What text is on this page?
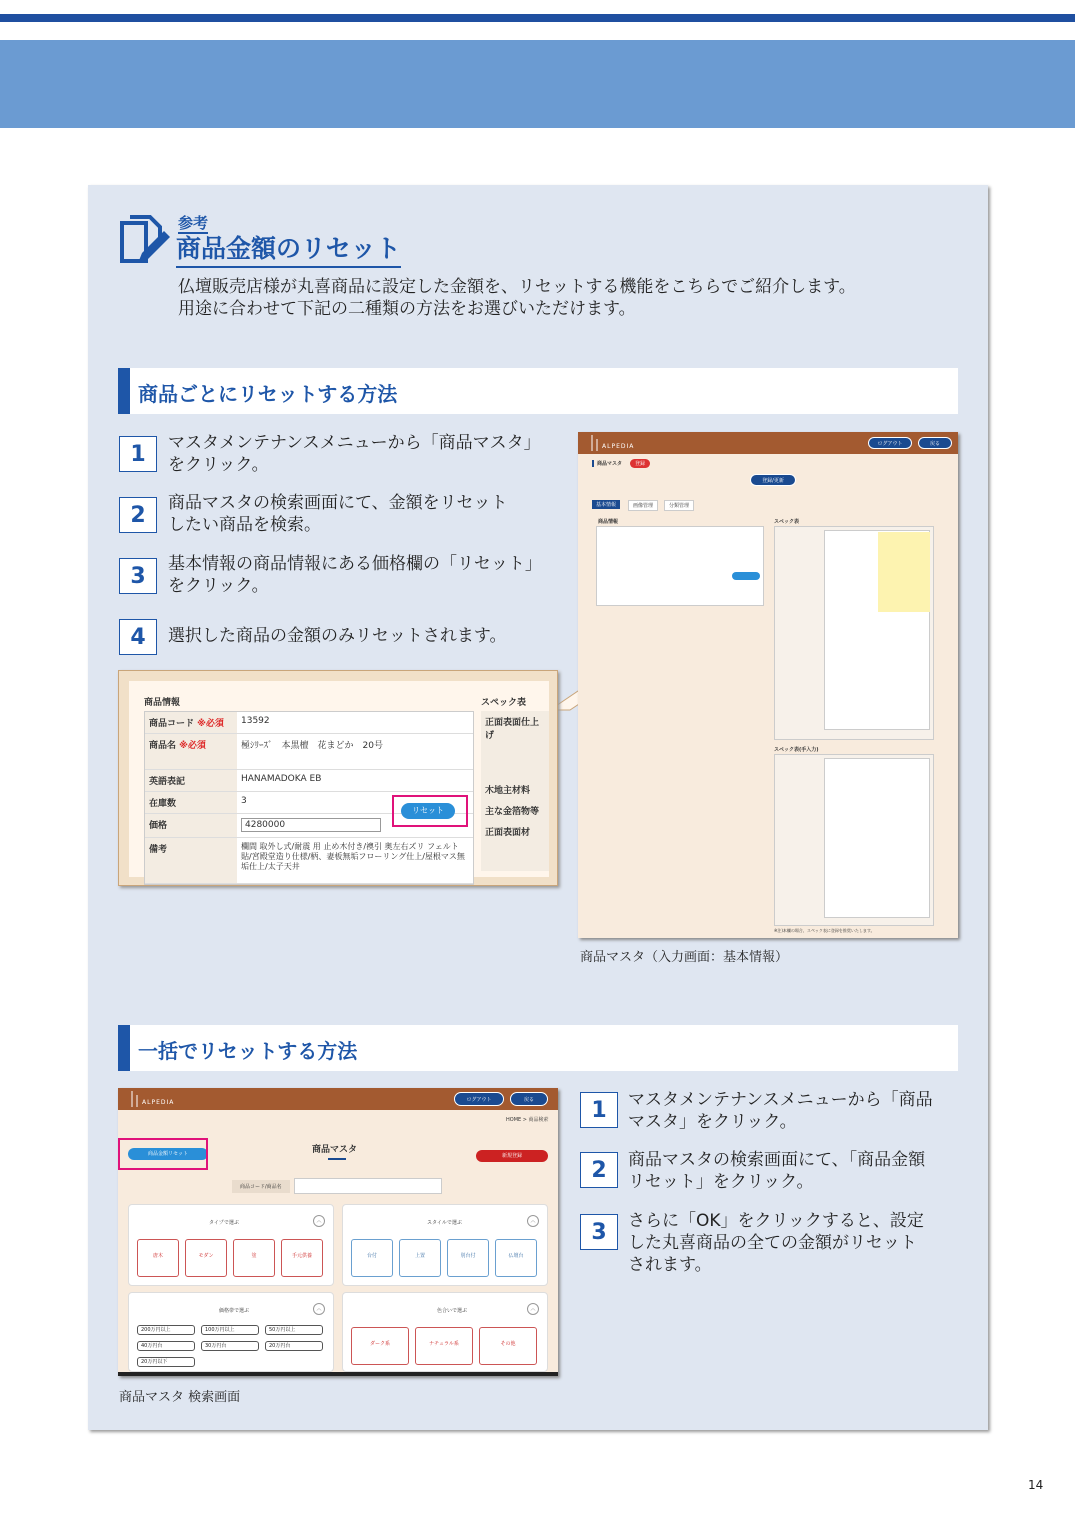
参考
商品金額のリセット
仏壇販売店様が丸喜商品に設定した金額を、リセットする機能をこちらでご紹介します。
用途に合わせて下記の二種類の方法をお選びいただけます。
商品ごとにリセットする方法
1	マスタメンテナンスメニューから「商品マスタ」
をクリック。
2	商品マスタの検索画面にて、金額をリセット
したい商品を検索。
3	基本情報の商品情報にある価格欄の「リセット」
をクリック。
4	選択した商品の金額のみリセットされます。
商品情報	スペック表
商品コード ※必須	13592
商品名 ※必須	極ｼﾘｰｽﾞ　本黒檀　花まどか　20号
英語表記	HANAMADOKA EB
在庫数	3
価格	4280000
備考	欄間 取外し式/耐震 用 止め木付き/襖引 奥左右ズリ フェルト貼/宮殿堂造り仕様/柄、妻板無垢フローリング仕上/屋根マス無垢仕上/太子天井
正面表面仕上げ
木地主材料
主な金箔物等
正面表面材
リセット
ALPEDIA	ログアウト	戻る
商品マスタ	登録
登録/更新
基本情報	画像管理	分類管理
商品情報	スペック表
スペック表(手入力)
※注)本欄の場合、スペック表に登録を推奨いたします。
商品マスタ（入力画面：基本情報）
一括でリセットする方法
ALPEDIA	ログアウト	戻る
HOME > 商品検索
商品金額リセット	商品マスタ
新規登録
商品コード/商品名
タイプで選ぶ	︿
唐木	モダン	塗	手元供養
スタイルで選ぶ	︿
台付	上置	別台付	仏壇台
価格帯で選ぶ	︿
200万円以上	100万円以上	50万円以上
40万円台	30万円台	20万円台
20万円以下
色合いで選ぶ	︿
ダーク系	ナチュラル系	その他
商品マスタ 検索画面
1	マスタメンテナンスメニューから「商品
マスタ」をクリック。
2	商品マスタの検索画面にて、「商品金額
リセット」をクリック。
3	さらに「OK」をクリックすると、設定
した丸喜商品の全ての金額がリセット
されます。
14
